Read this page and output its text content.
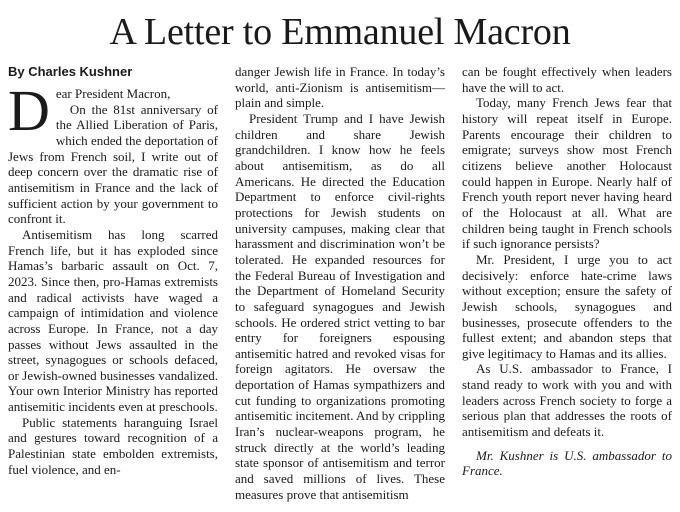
A Letter to Emmanuel Macron
By Charles Kushner
D ear President Macron,

On the 81st anniversary of the Allied Liberation of Paris, which ended the deportation of Jews from French soil, I write out of deep concern over the dramatic rise of antisemitism in France and the lack of sufficient action by your government to confront it.

Antisemitism has long scarred French life, but it has exploded since Hamas’s barbaric assault on Oct. 7, 2023. Since then, pro-Hamas extremists and radical activists have waged a campaign of intimidation and violence across Europe. In France, not a day passes without Jews assaulted in the street, synagogues or schools defaced, or Jewish-owned businesses vandalized. Your own Interior Ministry has reported antisemitic incidents even at preschools.

Public statements haranguing Israel and gestures toward recognition of a Palestinian state embolden extremists, fuel violence, and en-

danger Jewish life in France. In today’s world, anti-Zionism is antisemitism—plain and simple.

President Trump and I have Jewish children and share Jewish grandchildren. I know how he feels about antisemitism, as do all Americans. He directed the Education Department to enforce civil-rights protections for Jewish students on university campuses, making clear that harassment and discrimination won’t be tolerated. He expanded resources for the Federal Bureau of Investigation and the Department of Homeland Security to safeguard synagogues and Jewish schools. He ordered strict vetting to bar entry for foreigners espousing antisemitic hatred and revoked visas for foreign agitators. He oversaw the deportation of Hamas sympathizers and cut funding to organizations promoting antisemitic incitement. And by crippling Iran’s nuclear-weapons program, he struck directly at the world’s leading state sponsor of antisemitism and terror and saved millions of lives. These measures prove that antisemitism

can be fought effectively when leaders have the will to act.

Today, many French Jews fear that history will repeat itself in Europe. Parents encourage their children to emigrate; surveys show most French citizens believe another Holocaust could happen in Europe. Nearly half of French youth report never having heard of the Holocaust at all. What are children being taught in French schools if such ignorance persists?

Mr. President, I urge you to act decisively: enforce hate-crime laws without exception; ensure the safety of Jewish schools, synagogues and businesses, prosecute offenders to the fullest extent; and abandon steps that give legitimacy to Hamas and its allies.

As U.S. ambassador to France, I stand ready to work with you and with leaders across French society to forge a serious plan that addresses the roots of antisemitism and defeats it.

Mr. Kushner is U.S. ambassador to France.
